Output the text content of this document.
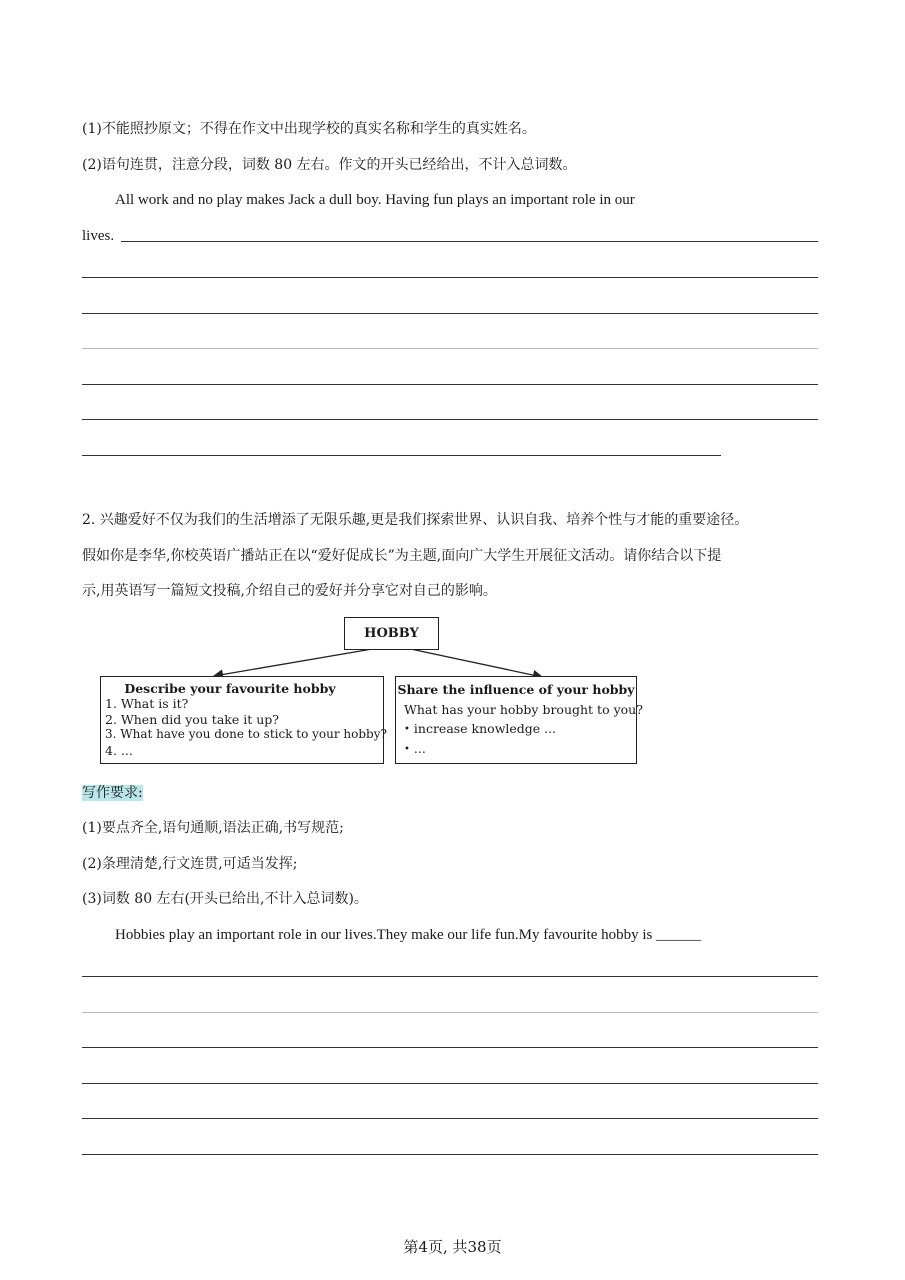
(1)不能照抄原文；不得在作文中出现学校的真实名称和学生的真实姓名。
(2)语句连贯，注意分段，词数 80 左右。作文的开头已经给出，不计入总词数。
All work and no play makes Jack a dull boy. Having fun plays an important role in our
lives.
2. 兴趣爱好不仅为我们的生活增添了无限乐趣,更是我们探索世界、认识自我、培养个性与才能的重要途径。
假如你是李华,你校英语广播站正在以“爱好促成长”为主题,面向广大学生开展征文活动。请你结合以下提
示,用英语写一篇短文投稿,介绍自己的爱好并分享它对自己的影响。
HOBBY
Describe your favourite hobby
1. What is it?
2. When did you take it up?
3. What have you done to stick to your hobby?
4. ...
Share the influence of your hobby
What has your hobby brought to you?
• increase knowledge ...
• ...
写作要求:
(1)要点齐全,语句通顺,语法正确,书写规范;
(2)条理清楚,行文连贯,可适当发挥;
(3)词数 80 左右(开头已给出,不计入总词数)。
Hobbies play an important role in our lives.They make our life fun.My favourite hobby is ______
第4页, 共38页
